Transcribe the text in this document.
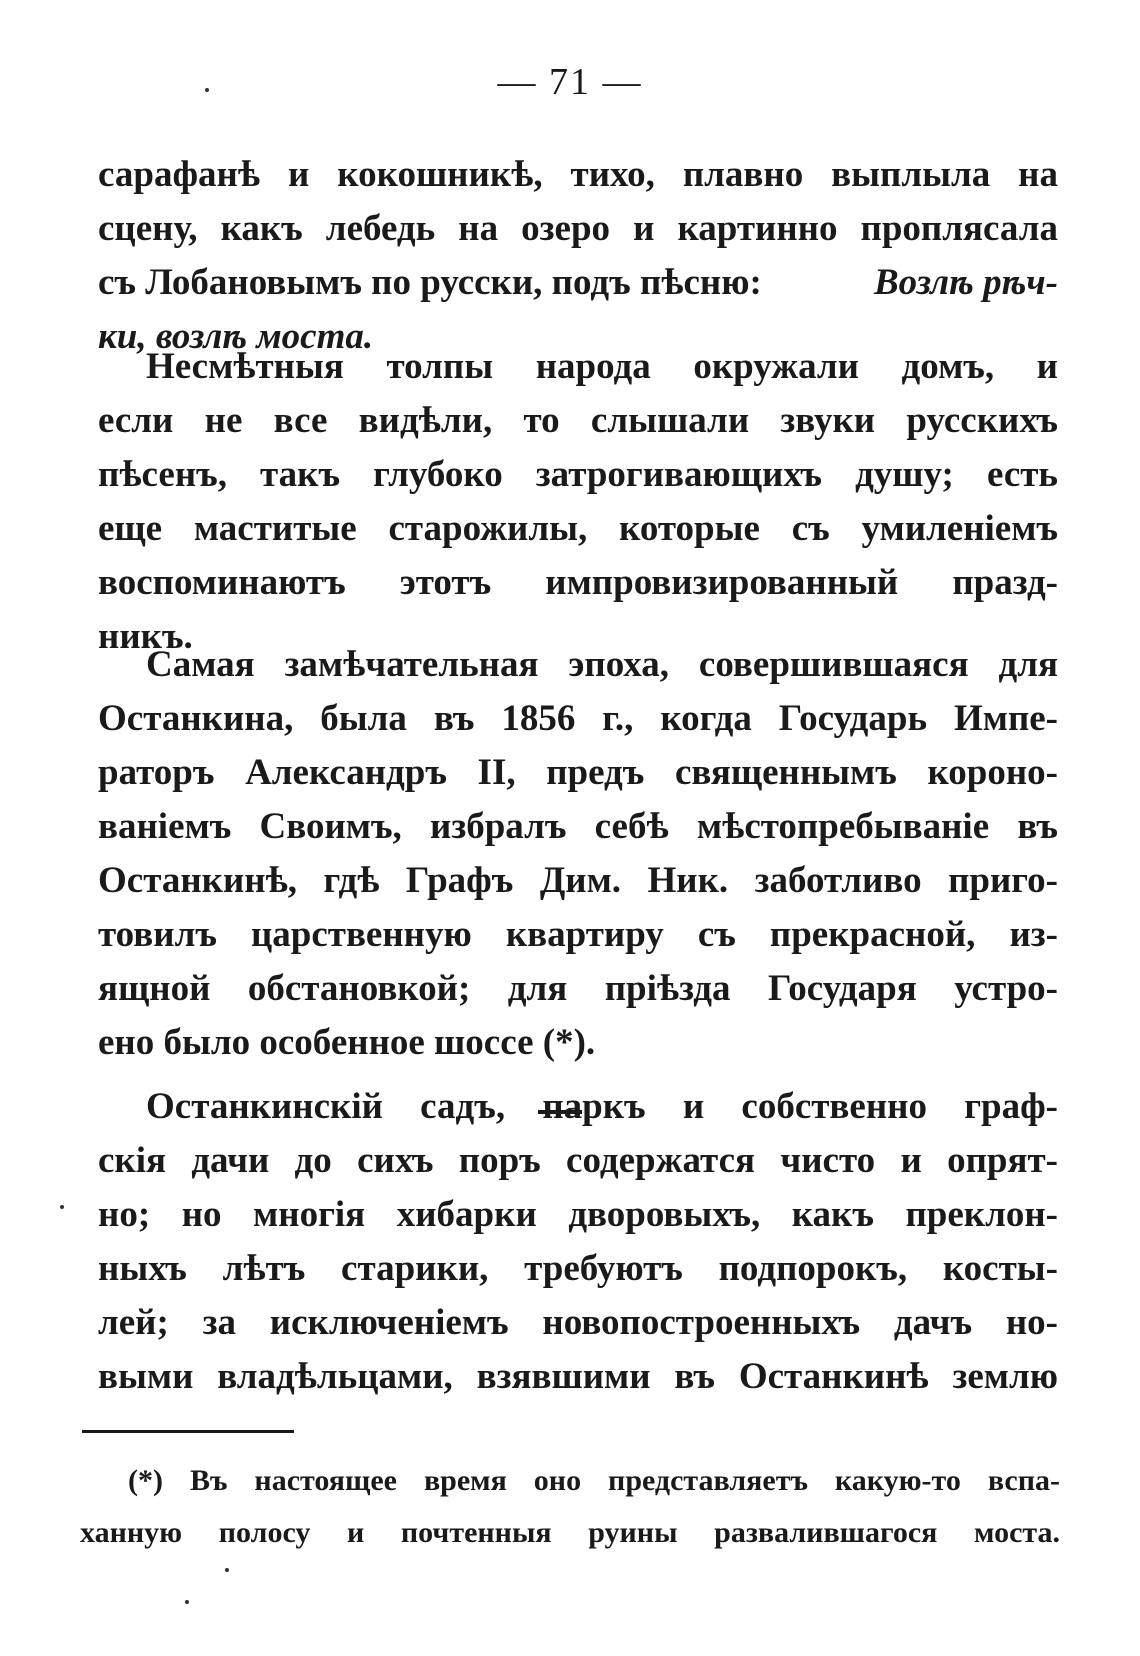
— 71 —
сарафанѣ и кокошникѣ, тихо, плавно выплыла на
сцену, какъ лебедь на озеро и картинно проплясала
съ Лобановымъ по русски, подъ пѣсню:	Возлѣ рѣч-
ки, возлѣ моста.
Несмѣтныя толпы народа окружали домъ, и
если не все видѣли, то слышали звуки русскихъ
пѣсенъ, такъ глубоко затрогивающихъ душу; есть
еще маститые старожилы, которые съ умиленіемъ
воспоминаютъ этотъ импровизированный празд-
никъ.
Самая замѣчательная эпоха, совершившаяся для
Останкина, была въ 1856 г., когда Государь Импе-
раторъ Александръ II, предъ священнымъ короно-
ваніемъ Своимъ, избралъ себѣ мѣстопребываніе въ
Останкинѣ, гдѣ Графъ Дим. Ник. заботливо приго-
товилъ царственную квартиру съ прекрасной, из-
ящной обстановкой; для пріѣзда Государя устро-
ено было особенное шоссе (*).
Останкинскій садъ, паркъ и собственно граф-
скія дачи до сихъ поръ содержатся чисто и опрят-
но; но многія хибарки дворовыхъ, какъ преклон-
ныхъ лѣтъ старики, требуютъ подпорокъ, косты-
лей; за исключеніемъ новопостроенныхъ дачъ но-
выми владѣльцами, взявшими въ Останкинѣ землю
(*) Въ настоящее время оно представляетъ какую-то вспа-
ханную полосу и почтенныя руины развалившагося моста.
